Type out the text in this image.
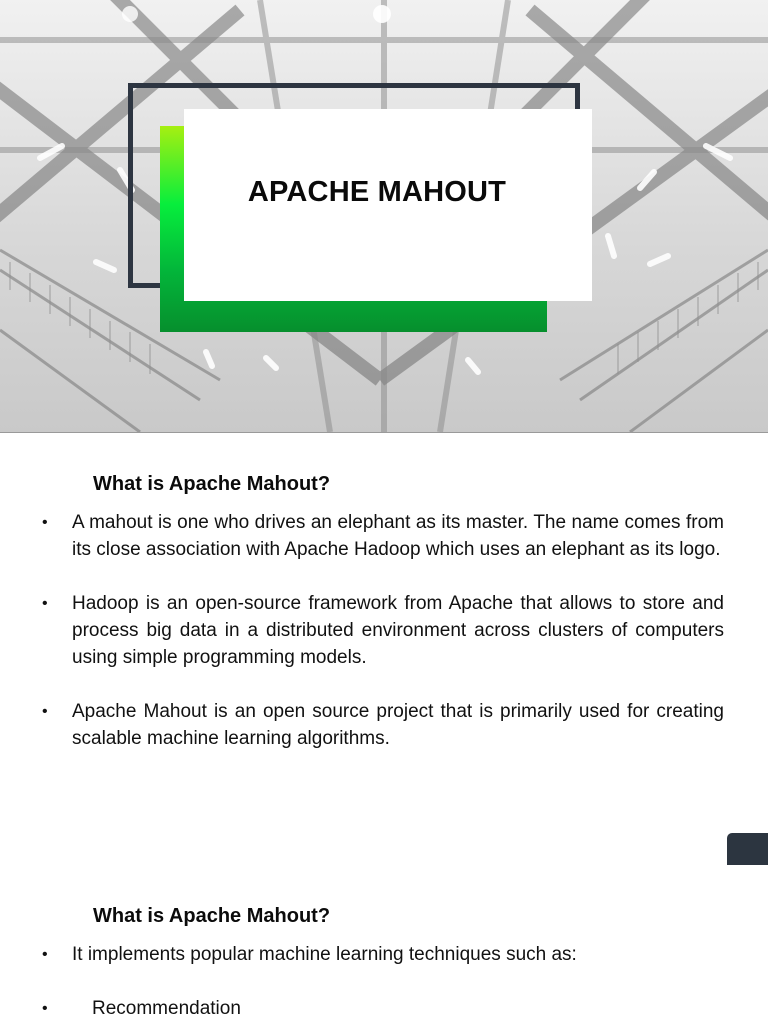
APACHE MAHOUT
What is Apache Mahout?
• A mahout is one who drives an elephant as its master. The name comes from its close association with Apache Hadoop which uses an elephant as its logo.
• Hadoop is an open-source framework from Apache that allows to store and process big data in a distributed environment across clusters of computers using simple programming models.
• Apache Mahout is an open source project that is primarily used for creating scalable machine learning algorithms.
What is Apache Mahout?
• It implements popular machine learning techniques such as:
• Recommendation
